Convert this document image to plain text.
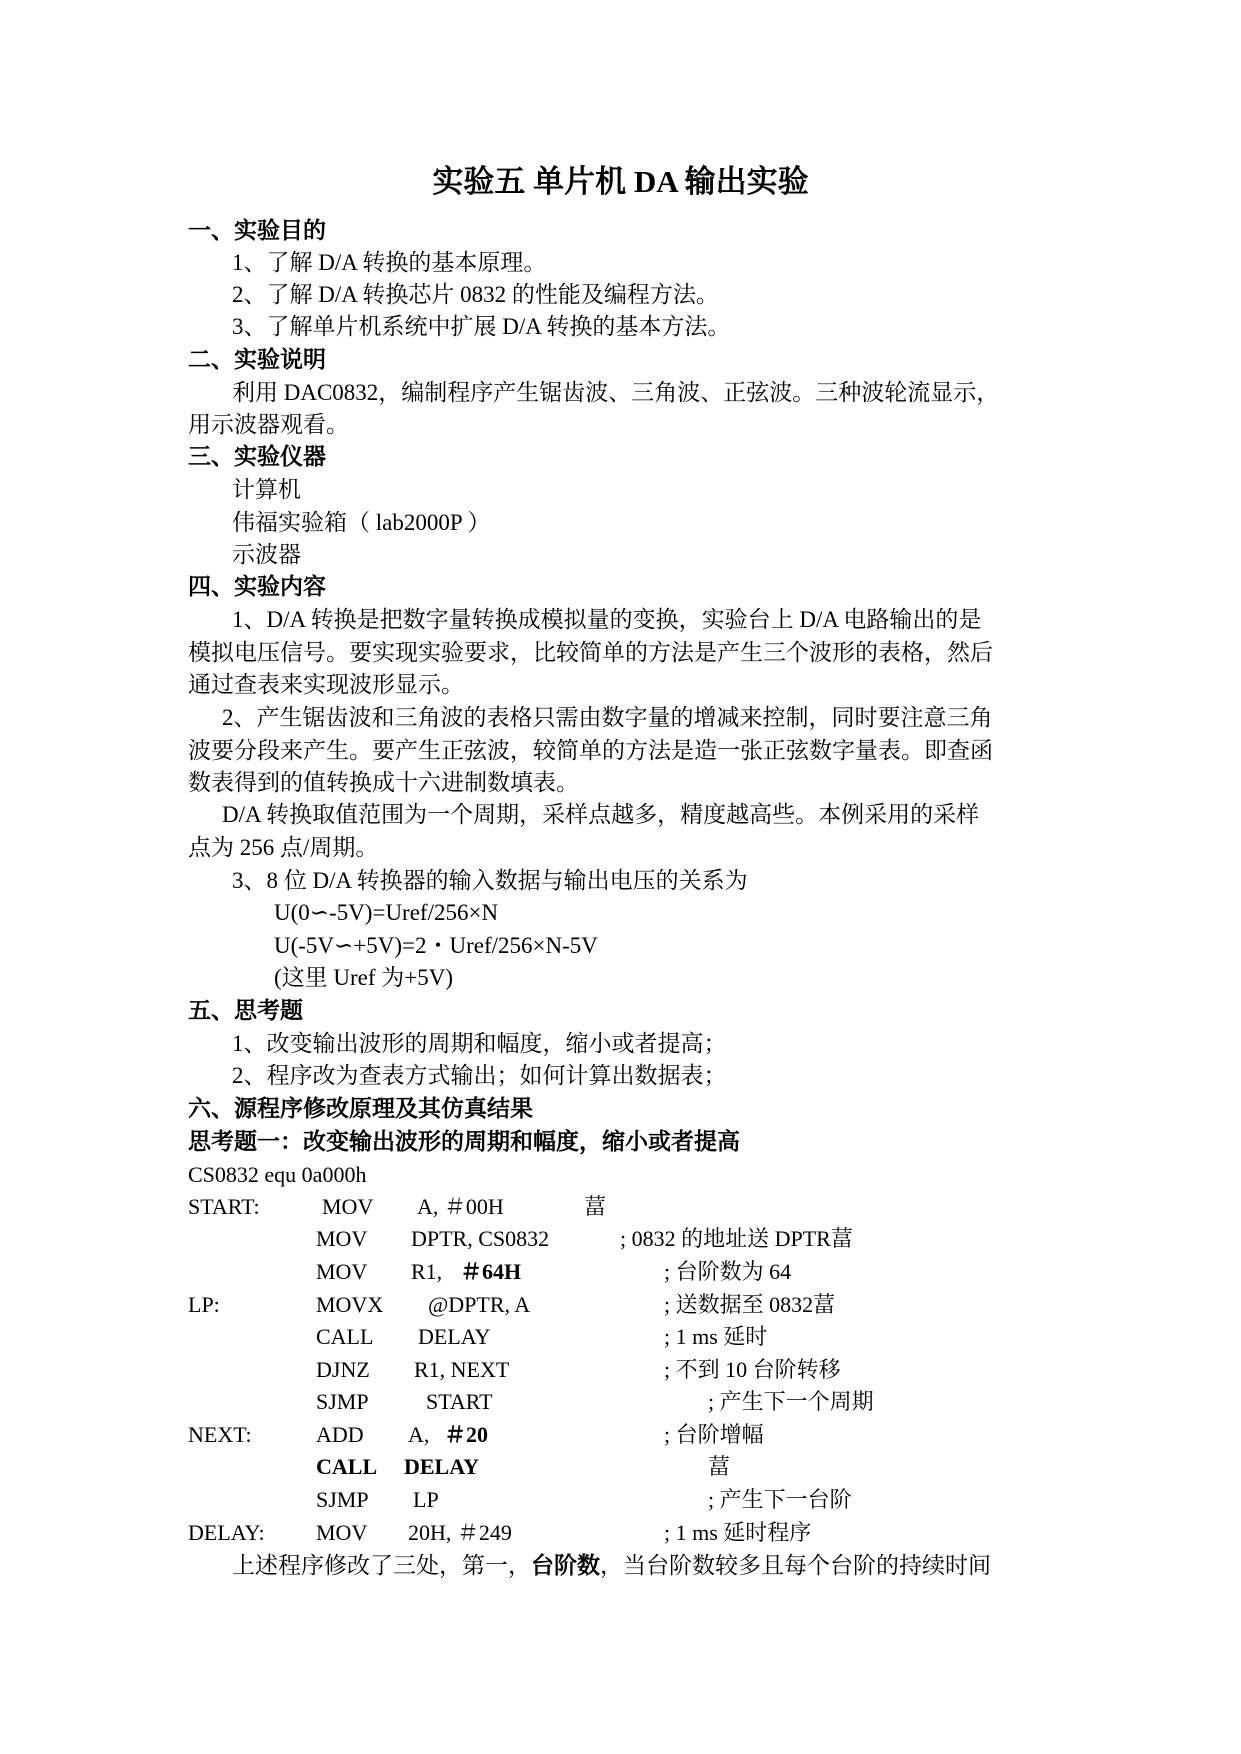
实验五 单片机 DA 输出实验
一、实验目的
1、了解 D/A 转换的基本原理。
2、了解 D/A 转换芯片 0832 的性能及编程方法。
3、了解单片机系统中扩展 D/A 转换的基本方法。
二、实验说明
利用 DAC0832，编制程序产生锯齿波、三角波、正弦波。三种波轮流显示，
用示波器观看。
三、实验仪器
计算机
伟福实验箱（ lab2000P ）
示波器
四、实验内容
1、D/A 转换是把数字量转换成模拟量的变换，实验台上 D/A 电路输出的是
模拟电压信号。要实现实验要求，比较简单的方法是产生三个波形的表格，然后
通过查表来实现波形显示。
2、产生锯齿波和三角波的表格只需由数字量的增减来控制，同时要注意三角
波要分段来产生。要产生正弦波，较简单的方法是造一张正弦数字量表。即查函
数表得到的值转换成十六进制数填表。
D/A 转换取值范围为一个周期，采样点越多，精度越高些。本例采用的采样
点为 256 点/周期。
3、8 位 D/A 转换器的输入数据与输出电压的关系为
U(0∽-5V)=Uref/256×N
U(-5V∽+5V)=2・Uref/256×N-5V
(这里 Uref 为+5V)
五、思考题
1、改变输出波形的周期和幅度，缩小或者提高；
2、程序改为查表方式输出；如何计算出数据表；
六、源程序修改原理及其仿真结果
思考题一：改变输出波形的周期和幅度，缩小或者提高
CS0832 equ 0a000h
START:	MOV A, ＃00H	葍
MOV DPTR, CS0832	; 0832 的地址送 DPTR葍
MOV R1, ＃64H	; 台阶数为 64
LP:	MOVX @DPTR, A	; 送数据至 0832葍
CALL DELAY	; 1 ms 延时
DJNZ R1, NEXT	; 不到 10 台阶转移
SJMP	START	; 产生下一个周期
NEXT:	ADD A, ＃20	; 台阶增幅
CALL DELAY	葍
SJMP LP	; 产生下一台阶
DELAY: MOV 20H, ＃249	; 1 ms 延时程序
上述程序修改了三处，第一，台阶数，当台阶数较多且每个台阶的持续时间
